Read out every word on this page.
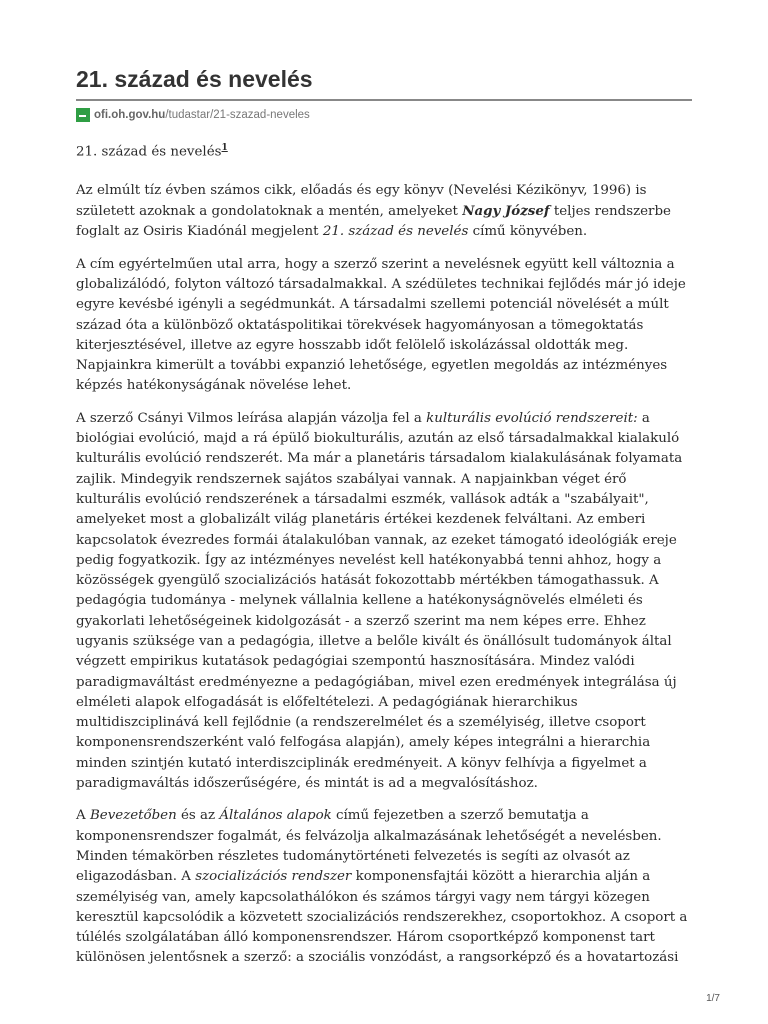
21. század és nevelés
ofi.oh.gov.hu /tudastar/21-szazad-neveles
21. század és nevelés$^1$

Az elmúlt tíz évben számos cikk, előadás és egy könyv (Nevelési Kézikönyv, 1996) is született azoknak a gondolatoknak a mentén, amelyeket Nagy József teljes rendszerbe foglalt az Osiris Kiadónál megjelent 21. század és nevelés című könyvében.

A cím egyértelműen utal arra, hogy a szerző szerint a nevelésnek együtt kell változnia a globalizálódó, folyton változó társadalmakkal. A szédületes technikai fejlődés már jó ideje egyre kevésbé igényli a segédmunkát. A társadalmi szellemi potenciál növelését a múlt század óta a különböző oktatáspolitikai törekvések hagyományosan a tömegoktatás kiterjesztésével, illetve az egyre hosszabb időt felölelő iskolázással oldották meg. Napjainkra kimerült a további expanzió lehetősége, egyetlen megoldás az intézményes képzés hatékonyságának növelése lehet.

A szerző Csányi Vilmos leírása alapján vázolja fel a kulturális evolúció rendszereit: a biológiai evolúció, majd a rá épülő biokulturális, azután az első társadalmakkal kialakuló kulturális evolúció rendszerét. Ma már a planetáris társadalom kialakulásának folyamata zajlik. Mindegyik rendszernek sajátos szabályai vannak. A napjainkban véget érő kulturális evolúció rendszerének a társadalmi eszmék, vallások adták a "szabályait", amelyeket most a globalizált világ planetáris értékei kezdenek felváltani. Az emberi kapcsolatok évezredes formái átalakulóban vannak, az ezeket támogató ideológiák ereje pedig fogyatkozik. Így az intézményes nevelést kell hatékonyabbá tenni ahhoz, hogy a közösségek gyengülő szocializációs hatását fokozottabb mértékben támogathassuk. A pedagógia tudománya - melynek vállalnia kellene a hatékonyságnövelés elméleti és gyakorlati lehetőségeinek kidolgozását - a szerző szerint ma nem képes erre. Ehhez ugyanis szüksége van a pedagógia, illetve a belőle kivált és önállósult tudományok által végzett empirikus kutatások pedagógiai szempontú hasznosítására. Mindez valódi paradigmaváltást eredményezne a pedagógiában, mivel ezen eredmények integrálása új elméleti alapok elfogadását is előfeltételezi. A pedagógiának hierarchikus multidiszciplinává kell fejlődnie (a rendszerelmélet és a személyiség, illetve csoport komponensrendszerként való felfogása alapján), amely képes integrálni a hierarchia minden szintjén kutató interdiszciplinák eredményeit. A könyv felhívja a figyelmet a paradigmaváltás időszerűségére, és mintát is ad a megvalósításhoz.

A Bevezetőben és az Általános alapok című fejezetben a szerző bemutatja a komponensrendszer fogalmát, és felvázolja alkalmazásának lehetőségét a nevelésben. Minden témakörben részletes tudománytörténeti felvezetés is segíti az olvasót az eligazodásban. A szocializációs rendszer komponensfajtái között a hierarchia alján a személyiség van, amely kapcsolathálókon és számos tárgyi vagy nem tárgyi közegen keresztül kapcsolódik a közvetett szocializációs rendszerekhez, csoportokhoz. A csoport a túlélés szolgálatában álló komponensrendszer. Három csoportképző komponenst tart különösen jelentősnek a szerző: a szociális vonzódást, a rangsorképző és a hovatartozási

1/7
